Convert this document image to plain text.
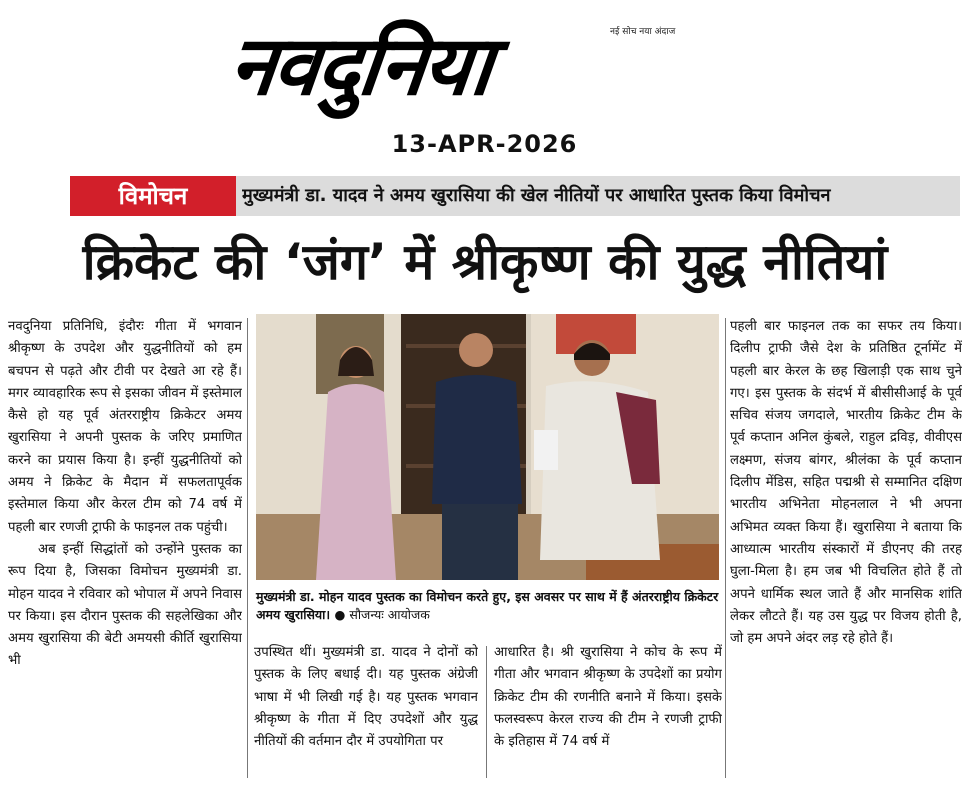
नवदुनिया	नई सोच नया अंदाज
13-APR-2026
विमोचन	मुख्यमंत्री डा. यादव ने अमय खुरासिया की खेल नीतियों पर आधारित पुस्तक किया विमोचन
क्रिकेट की ‘जंग’ में श्रीकृष्ण की युद्ध नीतियां

नवदुनिया प्रतिनिधि, इंदौरः गीता में भगवान श्रीकृष्ण के उपदेश और युद्धनीतियों को हम बचपन से पढ़ते और टीवी पर देखते आ रहे हैं। मगर व्यावहारिक रूप से इसका जीवन में इस्तेमाल कैसे हो यह पूर्व अंतरराष्ट्रीय क्रिकेटर अमय खुरासिया ने अपनी पुस्तक के जरिए प्रमाणित करने का प्रयास किया है। इन्हीं युद्धनीतियों को अमय ने क्रिकेट के मैदान में सफलतापूर्वक इस्तेमाल किया और केरल टीम को 74 वर्ष में पहली बार रणजी ट्राफी के फाइनल तक पहुंची।

अब इन्हीं सिद्धांतों को उन्होंने पुस्तक का रूप दिया है, जिसका विमोचन मुख्यमंत्री डा. मोहन यादव ने रविवार को भोपाल में अपने निवास पर किया। इस दौरान पुस्तक की सहलेखिका और अमय खुरासिया की बेटी अमयसी कीर्ति खुरासिया भी

मुख्यमंत्री डा. मोहन यादव पुस्तक का विमोचन करते हुए, इस अवसर पर साथ में हैं अंतरराष्ट्रीय क्रिकेटर अमय खुरासिया। ● सौजन्यः आयोजक

उपस्थित थीं। मुख्यमंत्री डा. यादव ने दोनों को पुस्तक के लिए बधाई दी। यह पुस्तक अंग्रेजी भाषा में भी लिखी गई है। यह पुस्तक भगवान श्रीकृष्ण के गीता में दिए उपदेशों और युद्ध नीतियों की वर्तमान दौर में उपयोगिता पर

आधारित है। श्री खुरासिया ने कोच के रूप में गीता और भगवान श्रीकृष्ण के उपदेशों का प्रयोग क्रिकेट टीम की रणनीति बनाने में किया। इसके फलस्वरूप केरल राज्य की टीम ने रणजी ट्राफी के इतिहास में 74 वर्ष में

पहली बार फाइनल तक का सफर तय किया। दिलीप ट्राफी जैसे देश के प्रतिष्ठित टूर्नामेंट में पहली बार केरल के छह खिलाड़ी एक साथ चुने गए। इस पुस्तक के संदर्भ में बीसीसीआई के पूर्व सचिव संजय जगदाले, भारतीय क्रिकेट टीम के पूर्व कप्तान अनिल कुंबले, राहुल द्रविड़, वीवीएस लक्ष्मण, संजय बांगर, श्रीलंका के पूर्व कप्तान दिलीप मेंडिस, सहित पद्मश्री से सम्मानित दक्षिण भारतीय अभिनेता मोहनलाल ने भी अपना अभिमत व्यक्त किया हैं। खुरासिया ने बताया कि आध्यात्म भारतीय संस्कारों में डीएनए की तरह घुला-मिला है। हम जब भी विचलित होते हैं तो अपने धार्मिक स्थल जाते हैं और मानसिक शांति लेकर लौटते हैं। यह उस युद्ध पर विजय होती है, जो हम अपने अंदर लड़ रहे होते हैं।
